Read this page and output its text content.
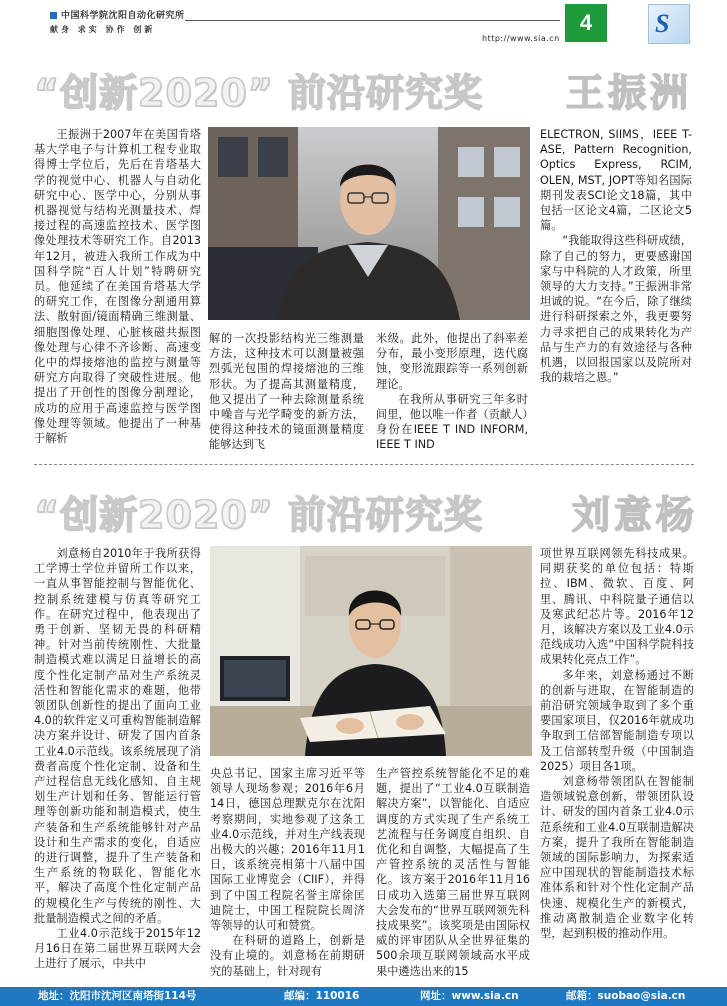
中国科学院沈阳自动化研究所
献身 求实 协作 创新
http://www.sia.cn
4	S
“创新2020” 前沿研究奖 王振洲

王振洲于2007年在美国肯塔基大学电子与计算机工程专业取得博士学位后，先后在肯塔基大学的视觉中心、机器人与自动化研究中心、医学中心，分别从事机器视觉与结构光测量技术、焊接过程的高速监控技术、医学图像处理技术等研究工作。自2013年12月，被进入我所工作成为中国科学院“百人计划”特聘研究员。他延续了在美国肯塔基大学的研究工作，在图像分割通用算法、散射面/镜面精确三维测量、细胞图像处理、心脏核磁共振图像处理与心律不齐诊断、高速变化中的焊接熔池的监控与测量等研究方向取得了突破性进展。他提出了开创性的图像分割理论，成功的应用于高速监控与医学图像处理等领域。他提出了一种基于解析

解的一次投影结构光三维测量方法，这种技术可以测量被强烈弧光包围的焊接熔池的三维形状。为了提高其测量精度，他又提出了一种去除测量系统中噪音与光学畸变的新方法，使得这种技术的镜面测量精度能够达到飞

米级。此外，他提出了斜率差分布，最小变形原理，迭代腐蚀，变形流跟踪等一系列创新理论。

在我所从事研究三年多时间里，他以唯一作者（贡献人）身份在IEEE T IND INFORM, IEEE T IND

ELECTRON, SIIMS，IEEE T-ASE, Pattern Recognition, Optics Express, RCIM, OLEN, MST, JOPT等知名国际期刊发表SCI论文18篇，其中包括一区论文4篇，二区论文5篇。

“我能取得这些科研成绩，除了自己的努力，更要感谢国家与中科院的人才政策，所里领导的大力支持。”王振洲非常坦诚的说。“在今后，除了继续进行科研探索之外，我更要努力寻求把自己的成果转化为产品与生产力的有效途径与各种机遇，以回报国家以及院所对我的栽培之恩。”

“创新2020” 前沿研究奖 刘意杨

刘意杨自2010年于我所获得工学博士学位并留所工作以来，一直从事智能控制与智能优化、控制系统建模与仿真等研究工作。在研究过程中，他表现出了勇于创新、坚韧无畏的科研精神。针对当前传统刚性、大批量制造模式难以满足日益增长的高度个性化定制产品对生产系统灵活性和智能化需求的难题，他带领团队创新性的提出了面向工业4.0的软件定义可重构智能制造解决方案并设计、研发了国内首条工业4.0示范线。该系统展现了消费者高度个性化定制、设备和生产过程信息无线化感知、自主规划生产计划和任务、智能运行管理等创新功能和制造模式，使生产装备和生产系统能够针对产品设计和生产需求的变化，自适应的进行调整，提升了生产装备和生产系统的物联化、智能化水平，解决了高度个性化定制产品的规模化生产与传统的刚性、大批量制造模式之间的矛盾。

工业4.0示范线于2015年12月16日在第二届世界互联网大会上进行了展示，中共中

央总书记、国家主席习近平等领导人现场参观；2016年6月14日，德国总理默克尔在沈阳考察期间，实地参观了这条工业4.0示范线，并对生产线表现出极大的兴趣；2016年11月1日，该系统亮相第十八届中国国际工业博览会（CIIF），并得到了中国工程院名誉主席徐匡迪院士，中国工程院院长周济等领导的认可和赞赏。

在科研的道路上，创新是没有止境的。刘意杨在前期研究的基础上，针对现有

生产管控系统智能化不足的难题，提出了“工业4.0互联制造解决方案”，以智能化、自适应调度的方式实现了生产系统工艺流程与任务调度自组织、自优化和自调整，大幅提高了生产管控系统的灵活性与智能化。该方案于2016年11月16日成功入选第三届世界互联网大会发布的“世界互联网领先科技成果奖”。该奖项是由国际权威的评审团队从全世界征集的500余项互联网领域高水平成果中遴选出来的15

项世界互联网领先科技成果。同期获奖的单位包括：特斯拉、IBM、微软、百度、阿里、腾讯、中科院量子通信以及寒武纪芯片等。2016年12月，该解决方案以及工业4.0示范线成功入选“中国科学院科技成果转化亮点工作”。

多年来，刘意杨通过不断的创新与进取，在智能制造的前沿研究领域争取到了多个重要国家项目，仅2016年就成功争取到工信部智能制造专项以及工信部转型升级（中国制造2025）项目各1项。

刘意杨带领团队在智能制造领域锐意创新，带领团队设计、研发的国内首条工业4.0示范系统和工业4.0互联制造解决方案，提升了我所在智能制造领域的国际影响力，为探索适应中国现状的智能制造技术标准体系和针对个性化定制产品快速、规模化生产的新模式，推动离散制造企业数字化转型，起到积极的推动作用。

地址：沈阳市沈河区南塔街114号	邮编：110016	网址：www.sia.cn	邮箱：suobao@sia.cn
